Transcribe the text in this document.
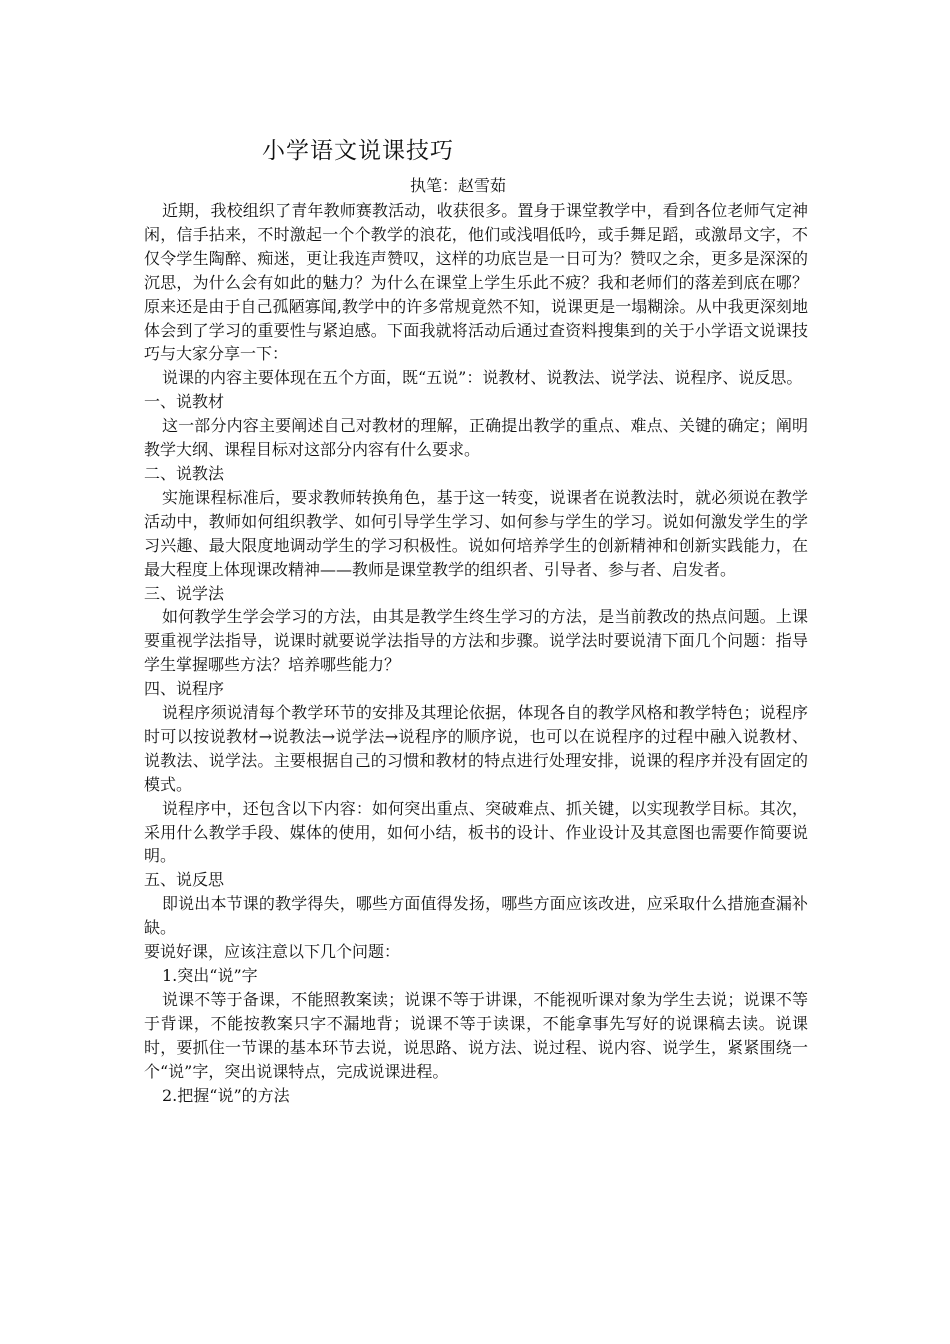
小学语文说课技巧
执笔：赵雪茹

近期，我校组织了青年教师赛教活动，收获很多。置身于课堂教学中，看到各位老师气定神闲，信手拈来，不时激起一个个教学的浪花，他们或浅唱低吟，或手舞足蹈，或激昂文字，不仅令学生陶醉、痴迷，更让我连声赞叹，这样的功底岂是一日可为？赞叹之余，更多是深深的沉思，为什么会有如此的魅力？为什么在课堂上学生乐此不疲？我和老师们的落差到底在哪？原来还是由于自己孤陋寡闻,教学中的许多常规竟然不知，说课更是一塌糊涂。从中我更深刻地体会到了学习的重要性与紧迫感。下面我就将活动后通过查资料搜集到的关于小学语文说课技巧与大家分享一下：

说课的内容主要体现在五个方面，既“五说”：说教材、说教法、说学法、说程序、说反思。

一、说教材

这一部分内容主要阐述自己对教材的理解，正确提出教学的重点、难点、关键的确定；阐明教学大纲、课程目标对这部分内容有什么要求。

二、说教法

实施课程标准后，要求教师转换角色，基于这一转变，说课者在说教法时，就必须说在教学活动中，教师如何组织教学、如何引导学生学习、如何参与学生的学习。说如何激发学生的学习兴趣、最大限度地调动学生的学习积极性。说如何培养学生的创新精神和创新实践能力，在最大程度上体现课改精神——教师是课堂教学的组织者、引导者、参与者、启发者。

三、说学法

如何教学生学会学习的方法，由其是教学生终生学习的方法，是当前教改的热点问题。上课要重视学法指导，说课时就要说学法指导的方法和步骤。说学法时要说清下面几个问题：指导学生掌握哪些方法？培养哪些能力？

四、说程序

说程序须说清每个教学环节的安排及其理论依据，体现各自的教学风格和教学特色；说程序时可以按说教材→说教法→说学法→说程序的顺序说，也可以在说程序的过程中融入说教材、说教法、说学法。主要根据自己的习惯和教材的特点进行处理安排，说课的程序并没有固定的模式。

说程序中，还包含以下内容：如何突出重点、突破难点、抓关键，以实现教学目标。其次，采用什么教学手段、媒体的使用，如何小结，板书的设计、作业设计及其意图也需要作简要说明。

五、说反思

即说出本节课的教学得失，哪些方面值得发扬，哪些方面应该改进，应采取什么措施查漏补缺。

要说好课，应该注意以下几个问题：

1.突出“说”字

说课不等于备课，不能照教案读；说课不等于讲课，不能视听课对象为学生去说；说课不等于背课，不能按教案只字不漏地背；说课不等于读课，不能拿事先写好的说课稿去读。说课时，要抓住一节课的基本环节去说，说思路、说方法、说过程、说内容、说学生，紧紧围绕一个“说”字，突出说课特点，完成说课进程。

2.把握“说”的方法
